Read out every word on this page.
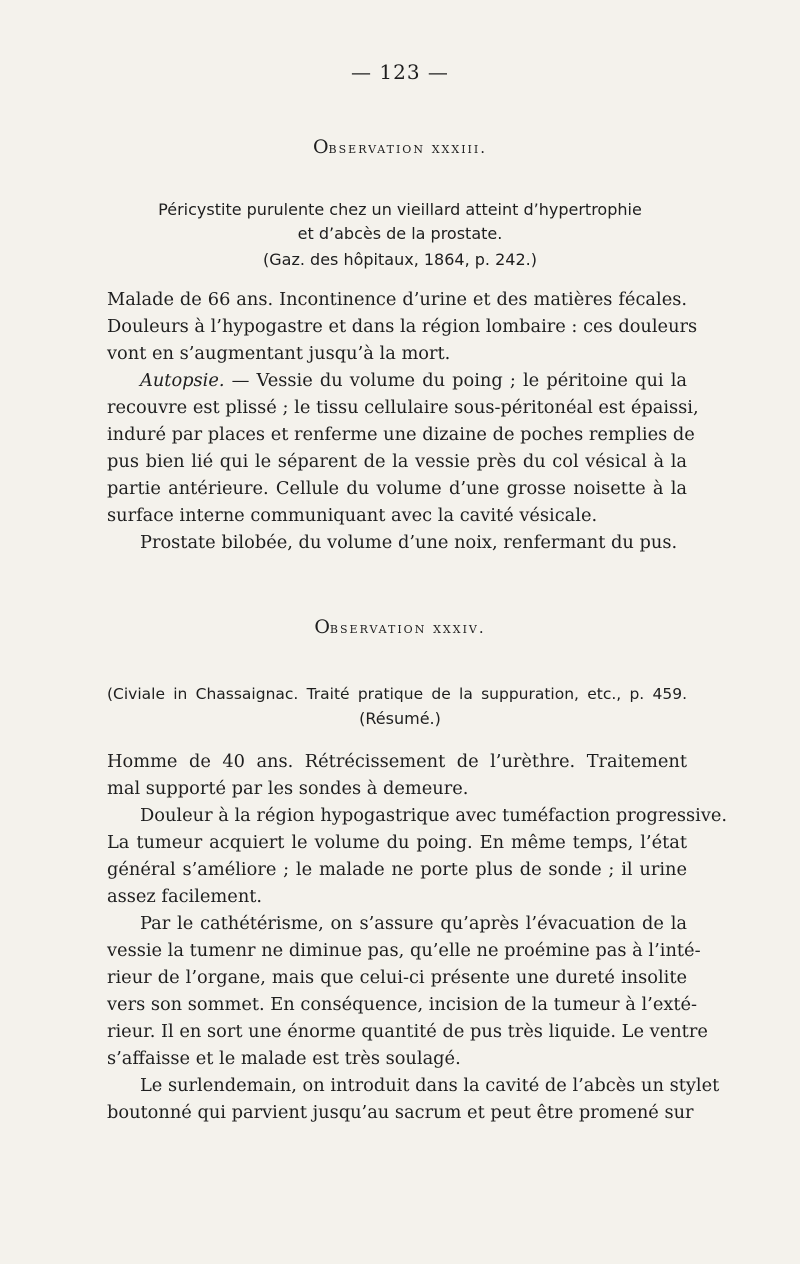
— 123 —
Observation xxxiii.
Péricystite purulente chez un vieillard atteint d’hypertrophie
et d’abcès de la prostate.
(Gaz. des hôpitaux, 1864, p. 242.)
Malade de 66 ans. Incontinence d’urine et des matières fécales.
Douleurs à l’hypogastre et dans la région lombaire : ces douleurs
vont en s’augmentant jusqu’à la mort.
Autopsie. — Vessie du volume du poing ; le péritoine qui la
recouvre est plissé ; le tissu cellulaire sous-péritonéal est épaissi,
induré par places et renferme une dizaine de poches remplies de
pus bien lié qui le séparent de la vessie près du col vésical à la
partie antérieure. Cellule du volume d’une grosse noisette à la
surface interne communiquant avec la cavité vésicale.
Prostate bilobée, du volume d’une noix, renfermant du pus.
Observation xxxiv.
(Civiale in Chassaignac. Traité pratique de la suppuration, etc., p. 459.
(Résumé.)
Homme de 40 ans. Rétrécissement de l’urèthre. Traitement
mal supporté par les sondes à demeure.
Douleur à la région hypogastrique avec tuméfaction progressive.
La tumeur acquiert le volume du poing. En même temps, l’état
général s’améliore ; le malade ne porte plus de sonde ; il urine
assez facilement.
Par le cathétérisme, on s’assure qu’après l’évacuation de la
vessie la tumenr ne diminue pas, qu’elle ne proémine pas à l’inté-
rieur de l’organe, mais que celui-ci présente une dureté insolite
vers son sommet. En conséquence, incision de la tumeur à l’exté-
rieur. Il en sort une énorme quantité de pus très liquide. Le ventre
s’affaisse et le malade est très soulagé.
Le surlendemain, on introduit dans la cavité de l’abcès un stylet
boutonné qui parvient jusqu’au sacrum et peut être promené sur
